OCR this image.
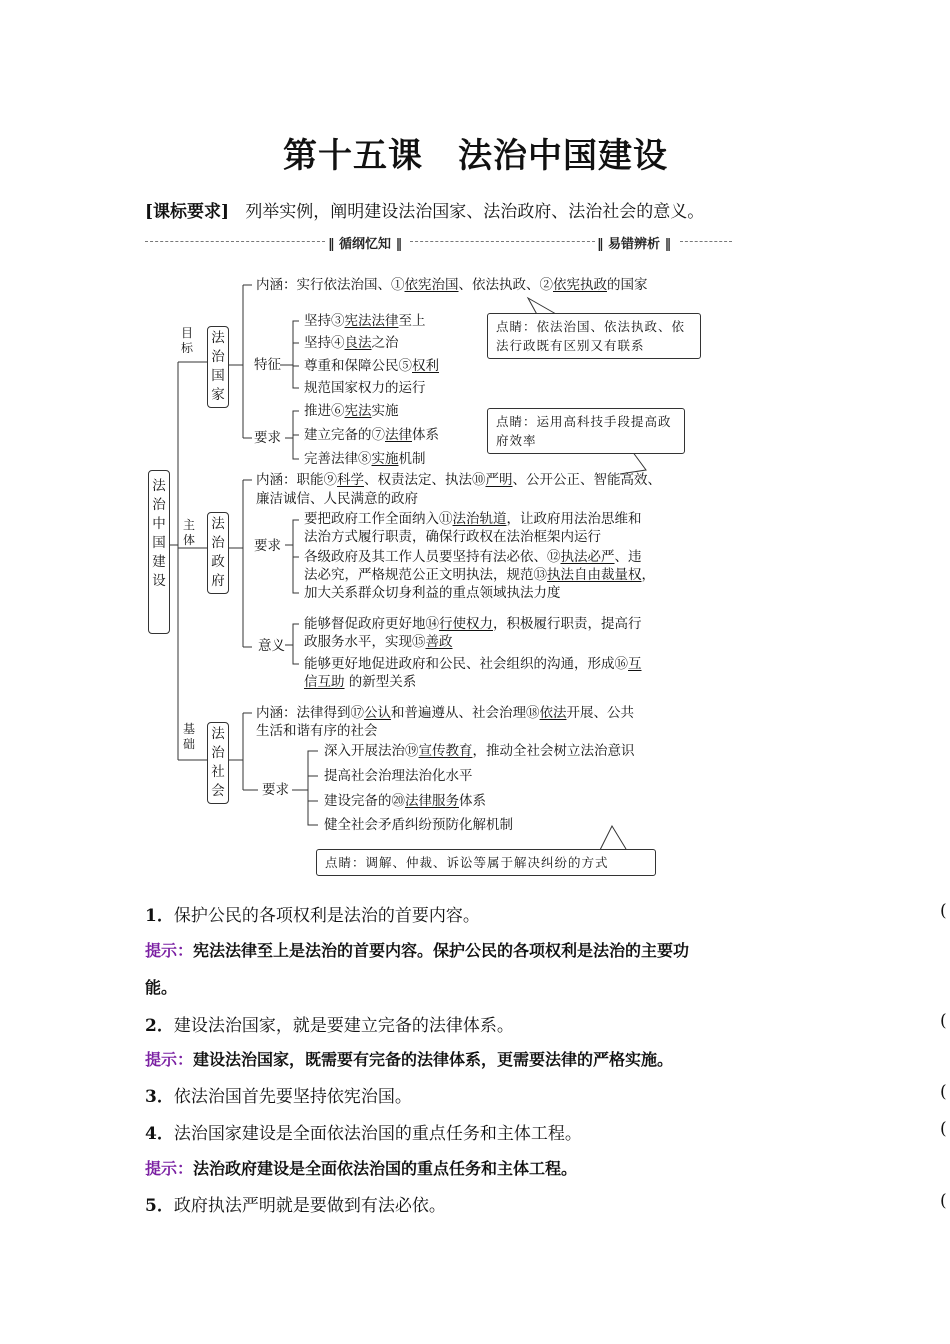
第十五课　法治中国建设
[课标要求] 列举实例，阐明建设法治国家、法治政府、法治社会的意义。
‖ 循纲忆知 ‖	‖ 易错辨析 ‖
法治中国建设
目标
主体
基础
法治国家
法治政府
法治社会
内涵：实行依法治国、①依宪治国、依法执政、②依宪执政的国家
特征
坚持③宪法法律至上
坚持④良法之治
尊重和保障公民⑤权利
规范国家权力的运行
要求
推进⑥宪法实施
建立完备的⑦法律体系
完善法律⑧实施机制
点睛：依法治国、依法执政、依法行政既有区别又有联系
点睛：运用高科技手段提高政府效率
内涵：职能⑨科学、权责法定、执法⑩严明、公开公正、智能高效、
廉洁诚信、人民满意的政府
要求
要把政府工作全面纳入⑪法治轨道，让政府用法治思维和
法治方式履行职责，确保行政权在法治框架内运行
各级政府及其工作人员要坚持有法必依、⑫执法必严、违
法必究，严格规范公正文明执法，规范⑬执法自由裁量权，
加大关系群众切身利益的重点领域执法力度
意义
能够督促政府更好地⑭行使权力，积极履行职责，提高行
政服务水平，实现⑮善政
能够更好地促进政府和公民、社会组织的沟通，形成⑯互
信互助 的新型关系
内涵：法律得到⑰公认和普遍遵从、社会治理⑱依法开展、公共
生活和谐有序的社会
要求
深入开展法治⑲宣传教育，推动全社会树立法治意识
提高社会治理法治化水平
建设完备的⑳法律服务体系
健全社会矛盾纠纷预防化解机制
点睛：调解、仲裁、诉讼等属于解决纠纷的方式
1．保护公民的各项权利是法治的首要内容。	(
提示：宪法法律至上是法治的首要内容。保护公民的各项权利是法治的主要功
能。
2．建设法治国家，就是要建立完备的法律体系。	(
提示：建设法治国家，既需要有完备的法律体系，更需要法律的严格实施。
3．依法治国首先要坚持依宪治国。	(
4．法治国家建设是全面依法治国的重点任务和主体工程。	(
提示：法治政府建设是全面依法治国的重点任务和主体工程。
5．政府执法严明就是要做到有法必依。	(
